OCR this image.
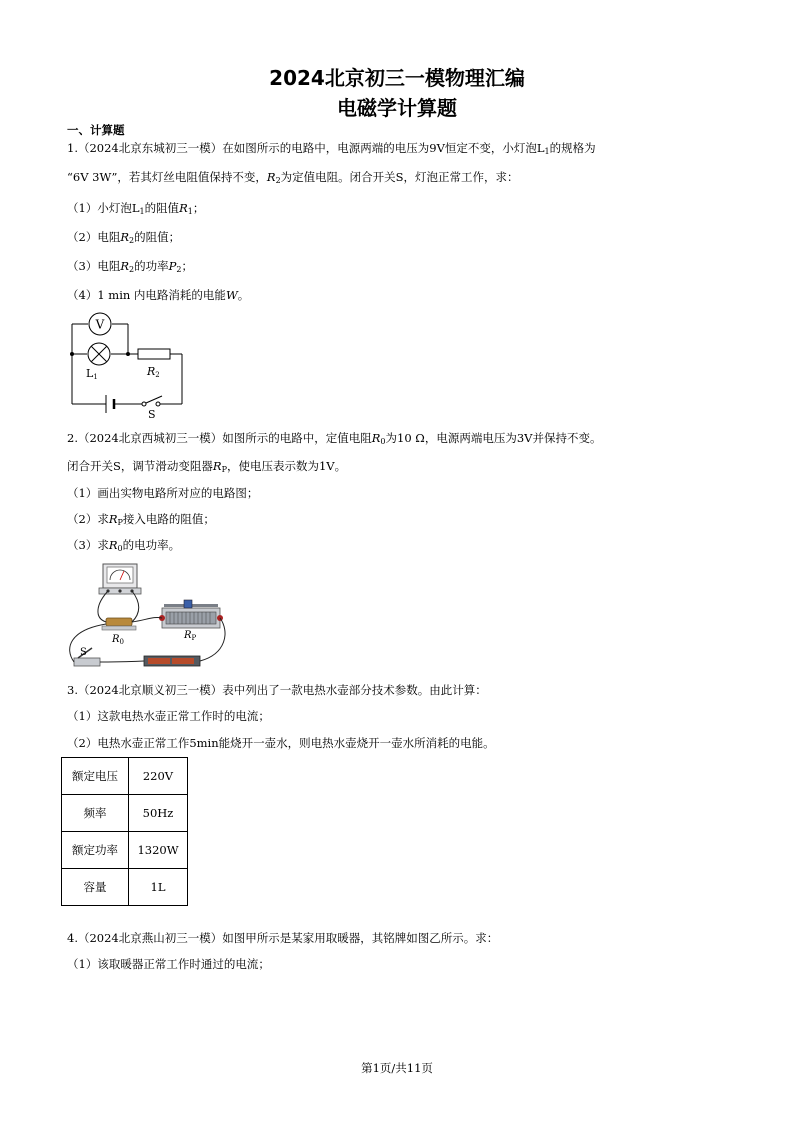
2024北京初三一模物理汇编
电磁学计算题
一、计算题
1.（2024北京东城初三一模）在如图所示的电路中，电源两端的电压为9V恒定不变，小灯泡$L_1$的规格为
“6V 3W”，若其灯丝电阻值保持不变，$R_2$为定值电阻。闭合开关S，灯泡正常工作，求：
（1）小灯泡$L_1$的阻值$R_1$；
（2）电阻$R_2$的阻值；
（3）电阻$R_2$的功率$P_2$；
（4）1 min 内电路消耗的电能W。
V
L1	R2
S
2.（2024北京西城初三一模）如图所示的电路中，定值电阻$R_0$为10 Ω，电源两端电压为3V并保持不变。
闭合开关S，调节滑动变阻器$R_P$，使电压表示数为1V。
（1）画出实物电路所对应的电路图；
（2）求$R_P$接入电路的阻值；
（3）求$R_0$的电功率。
$R_0$
$R_P$
S
3.（2024北京顺义初三一模）表中列出了一款电热水壶部分技术参数。由此计算：
（1）这款电热水壶正常工作时的电流；
（2）电热水壶正常工作5min能烧开一壶水，则电热水壶烧开一壶水所消耗的电能。
额定电压	220V
频率	50Hz
额定功率	1320W
容量	1L
4.（2024北京燕山初三一模）如图甲所示是某家用取暖器，其铭牌如图乙所示。求：
（1）该取暖器正常工作时通过的电流；
第1页/共11页
